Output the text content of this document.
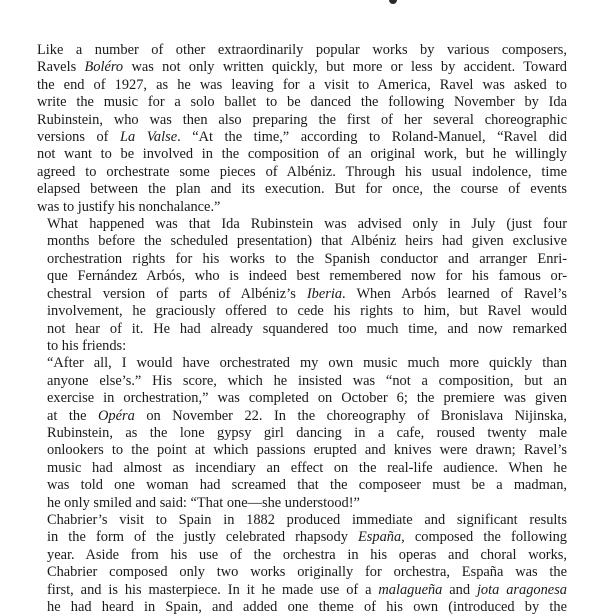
Like a number of other extraordinarily popular works by various composers,
Ravels Boléro was not only written quickly, but more or less by accident. Toward
the end of 1927, as he was leaving for a visit to America, Ravel was asked to
write the music for a solo ballet to be danced the following November by Ida
Rubinstein, who was then also preparing the first of her several choreographic
versions of La Valse. “At the time,” according to Roland-Manuel, “Ravel did
not want to be involved in the composition of an original work, but he willingly
agreed to orchestrate some pieces of Albéniz. Through his usual indolence, time
elapsed between the plan and its execution. But for once, the course of events
was to justify his nonchalance.”

What happened was that Ida Rubinstein was advised only in July (just four
months before the scheduled presentation) that Albéniz heirs had given exclusive
orchestration rights for his works to the Spanish conductor and arranger Enri-
que Fernández Arbós, who is indeed best remembered now for his famous or-
chestral version of parts of Albéniz’s Iberia. When Arbós learned of Ravel’s
involvement, he graciously offered to cede his rights to him, but Ravel would
not hear of it. He had already squandered too much time, and now remarked
to his friends:

“After all, I would have orchestrated my own music much more quickly than
anyone else’s.” His score, which he insisted was “not a composition, but an
exercise in orchestration,” was completed on October 6; the premiere was given
at the Opéra on November 22. In the choreography of Bronislava Nijinska,
Rubinstein, as the lone gypsy girl dancing in a cafe, roused twenty male
onlookers to the point at which passions erupted and knives were drawn; Ravel’s
music had almost as incendiary an effect on the real-life audience. When he
was told one woman had screamed that the composeer must be a madman,
he only smiled and said: “That one—she understood!”

Chabrier’s visit to Spain in 1882 produced immediate and significant results
in the form of the justly celebrated rhapsody España, composed the following
year. Aside from his use of the orchestra in his operas and choral works,
Chabrier composed only two works originally for orchestra, España was the
first, and is his masterpiece. In it he made use of a malagueña and jota aragonesa
he had heard in Spain, and added one theme of his own (introduced by the
